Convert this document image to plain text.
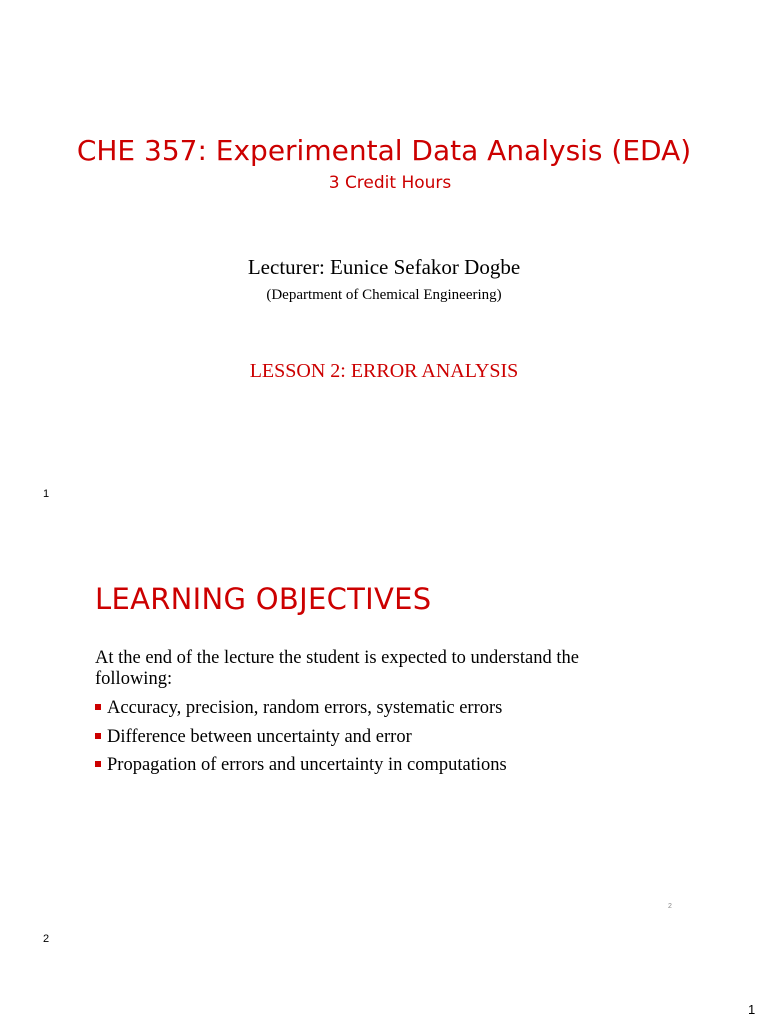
CHE 357: Experimental Data Analysis (EDA)
3 Credit Hours
Lecturer: Eunice Sefakor Dogbe
(Department of Chemical Engineering)
LESSON 2: ERROR ANALYSIS
1
LEARNING OBJECTIVES
At the end of the lecture the student is expected to understand the following:
Accuracy, precision, random errors, systematic errors
Difference between uncertainty and error
Propagation of errors and uncertainty in computations
2
2
1
